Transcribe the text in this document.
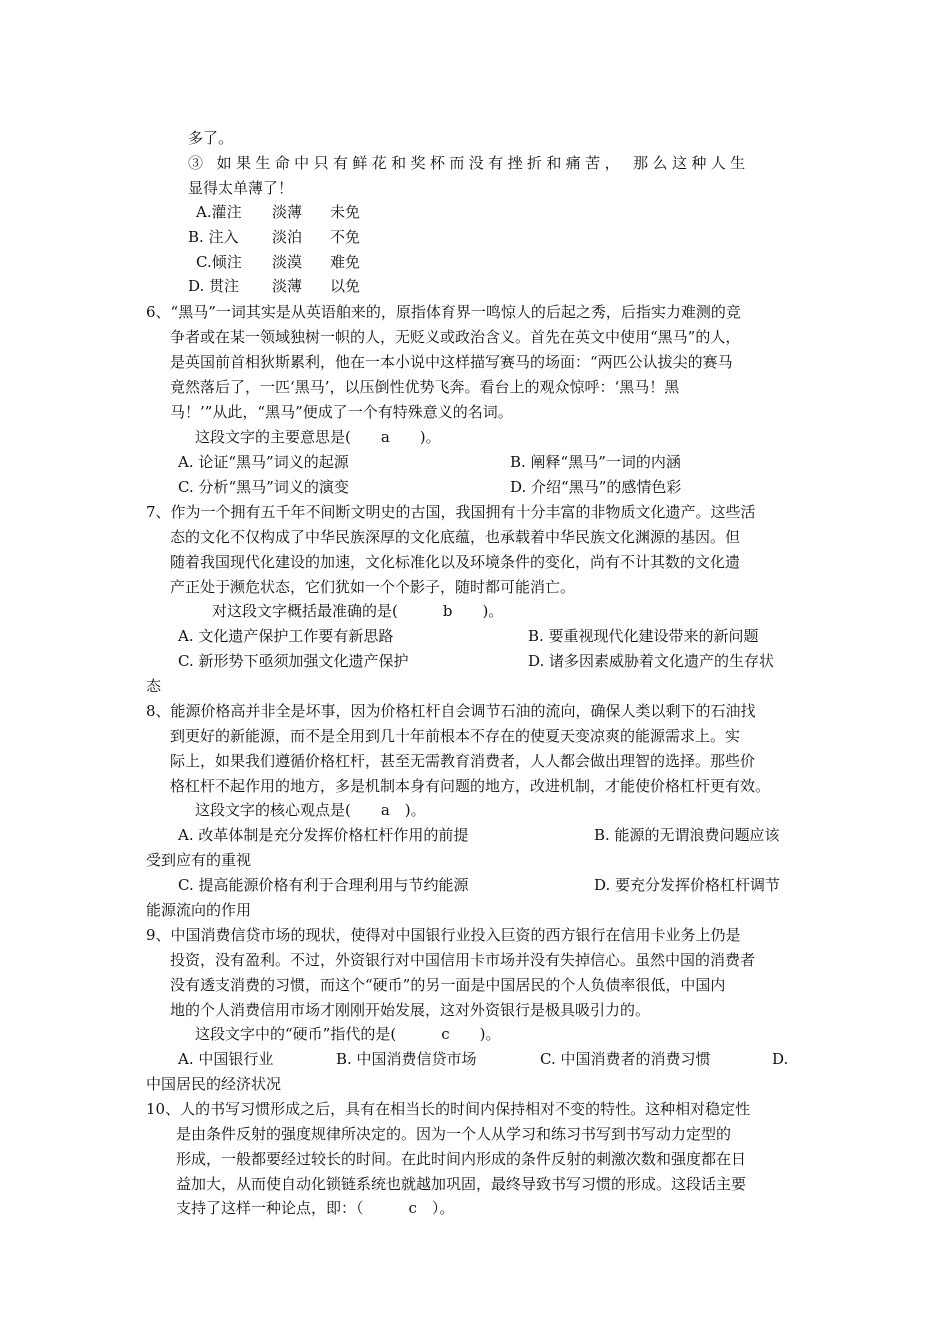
多了。
③ 如果生命中只有鲜花和奖杯而没有挫折和痛苦， 那么这种人生
显得太单薄了！
A.灌注 淡薄 未免
B. 注入 淡泊 不免
C.倾注 淡漠 难免
D. 贯注 淡薄 以免
6、“黑马”一词其实是从英语舶来的，原指体育界一鸣惊人的后起之秀，后指实力难测的竞
争者或在某一领域独树一帜的人，无贬义或政治含义。首先在英文中使用“黑马”的人，
是英国前首相狄斯累利，他在一本小说中这样描写赛马的场面：“两匹公认拔尖的赛马
竟然落后了，一匹‘黑马’，以压倒性优势飞奔。看台上的观众惊呼：‘黑马！黑
马！’”从此，“黑马”便成了一个有特殊意义的名词。
这段文字的主要意思是(　　a　　)。
A. 论证“黑马”词义的起源	B. 阐释“黑马”一词的内涵
C. 分析“黑马”词义的演变	D. 介绍“黑马”的感情色彩
7、作为一个拥有五千年不间断文明史的古国，我国拥有十分丰富的非物质文化遗产。这些活
态的文化不仅构成了中华民族深厚的文化底蕴，也承载着中华民族文化渊源的基因。但
随着我国现代化建设的加速，文化标准化以及环境条件的变化，尚有不计其数的文化遗
产正处于濒危状态，它们犹如一个个影子，随时都可能消亡。
对这段文字概括最准确的是(　　　b　　)。
A. 文化遗产保护工作要有新思路	B. 要重视现代化建设带来的新问题
C. 新形势下亟须加强文化遗产保护	D. 诸多因素威胁着文化遗产的生存状
态
8、能源价格高并非全是坏事，因为价格杠杆自会调节石油的流向，确保人类以剩下的石油找
到更好的新能源，而不是全用到几十年前根本不存在的使夏天变凉爽的能源需求上。实
际上，如果我们遵循价格杠杆，甚至无需教育消费者，人人都会做出理智的选择。那些价
格杠杆不起作用的地方，多是机制本身有问题的地方，改进机制，才能使价格杠杆更有效。
这段文字的核心观点是(　　a　)。
A. 改革体制是充分发挥价格杠杆作用的前提	B. 能源的无谓浪费问题应该
受到应有的重视
C. 提高能源价格有利于合理利用与节约能源	D. 要充分发挥价格杠杆调节
能源流向的作用
9、中国消费信贷市场的现状，使得对中国银行业投入巨资的西方银行在信用卡业务上仍是
投资，没有盈利。不过，外资银行对中国信用卡市场并没有失掉信心。虽然中国的消费者
没有透支消费的习惯，而这个“硬币”的另一面是中国居民的个人负债率很低，中国内
地的个人消费信用市场才刚刚开始发展，这对外资银行是极具吸引力的。
这段文字中的“硬币”指代的是(　　　c　　)。
A. 中国银行业	B. 中国消费信贷市场	C. 中国消费者的消费习惯	D.
中国居民的经济状况
10、人的书写习惯形成之后，具有在相当长的时间内保持相对不变的特性。这种相对稳定性
是由条件反射的强度规律所决定的。因为一个人从学习和练习书写到书写动力定型的
形成，一般都要经过较长的时间。在此时间内形成的条件反射的刺激次数和强度都在日
益加大，从而使自动化锁链系统也就越加巩固，最终导致书写习惯的形成。这段话主要
支持了这样一种论点，即：（　　　c　）。
